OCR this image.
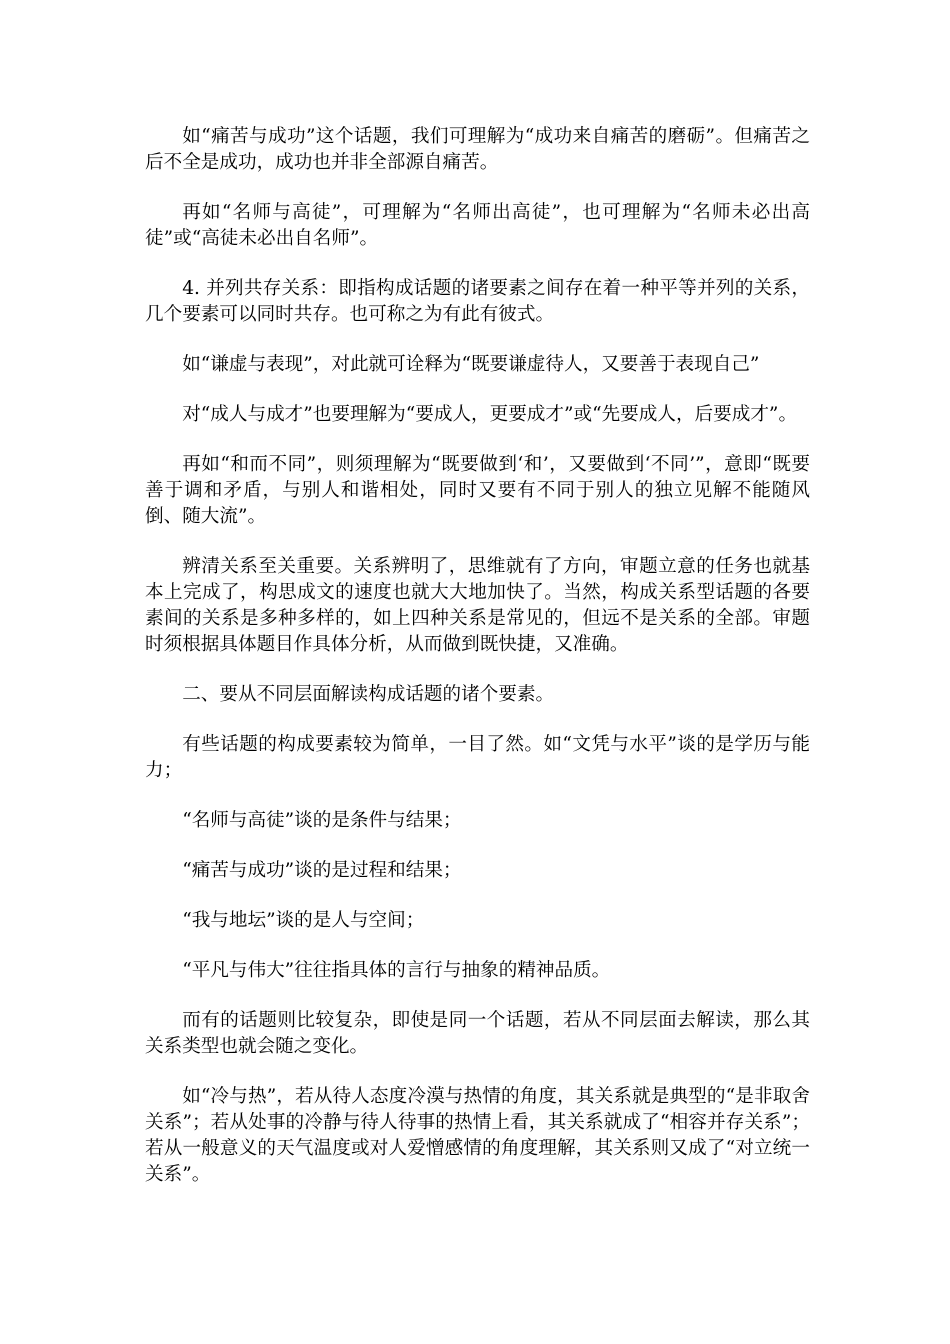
如“痛苦与成功”这个话题，我们可理解为“成功来自痛苦的磨砺”。但痛苦之后不全是成功，成功也并非全部源自痛苦。

再如“名师与高徒”，可理解为“名师出高徒”，也可理解为“名师未必出高徒”或“高徒未必出自名师”。

4. 并列共存关系：即指构成话题的诸要素之间存在着一种平等并列的关系，几个要素可以同时共存。也可称之为有此有彼式。

如“谦虚与表现”，对此就可诠释为“既要谦虚待人，又要善于表现自己”

对“成人与成才”也要理解为“要成人，更要成才”或“先要成人，后要成才”。

再如“和而不同”，则须理解为“既要做到‘和’，又要做到‘不同’”，意即“既要善于调和矛盾，与别人和谐相处，同时又要有不同于别人的独立见解不能随风倒、随大流”。

辨清关系至关重要。关系辨明了，思维就有了方向，审题立意的任务也就基本上完成了，构思成文的速度也就大大地加快了。当然，构成关系型话题的各要素间的关系是多种多样的，如上四种关系是常见的，但远不是关系的全部。审题时须根据具体题目作具体分析，从而做到既快捷，又准确。

二、要从不同层面解读构成话题的诸个要素。

有些话题的构成要素较为简单，一目了然。如“文凭与水平”谈的是学历与能力；

“名师与高徒”谈的是条件与结果；

“痛苦与成功”谈的是过程和结果；

“我与地坛”谈的是人与空间；

“平凡与伟大”往往指具体的言行与抽象的精神品质。

而有的话题则比较复杂，即使是同一个话题，若从不同层面去解读，那么其关系类型也就会随之变化。

如“冷与热”，若从待人态度冷漠与热情的角度，其关系就是典型的“是非取舍关系”；若从处事的冷静与待人待事的热情上看，其关系就成了“相容并存关系”；若从一般意义的天气温度或对人爱憎感情的角度理解，其关系则又成了“对立统一关系”。
